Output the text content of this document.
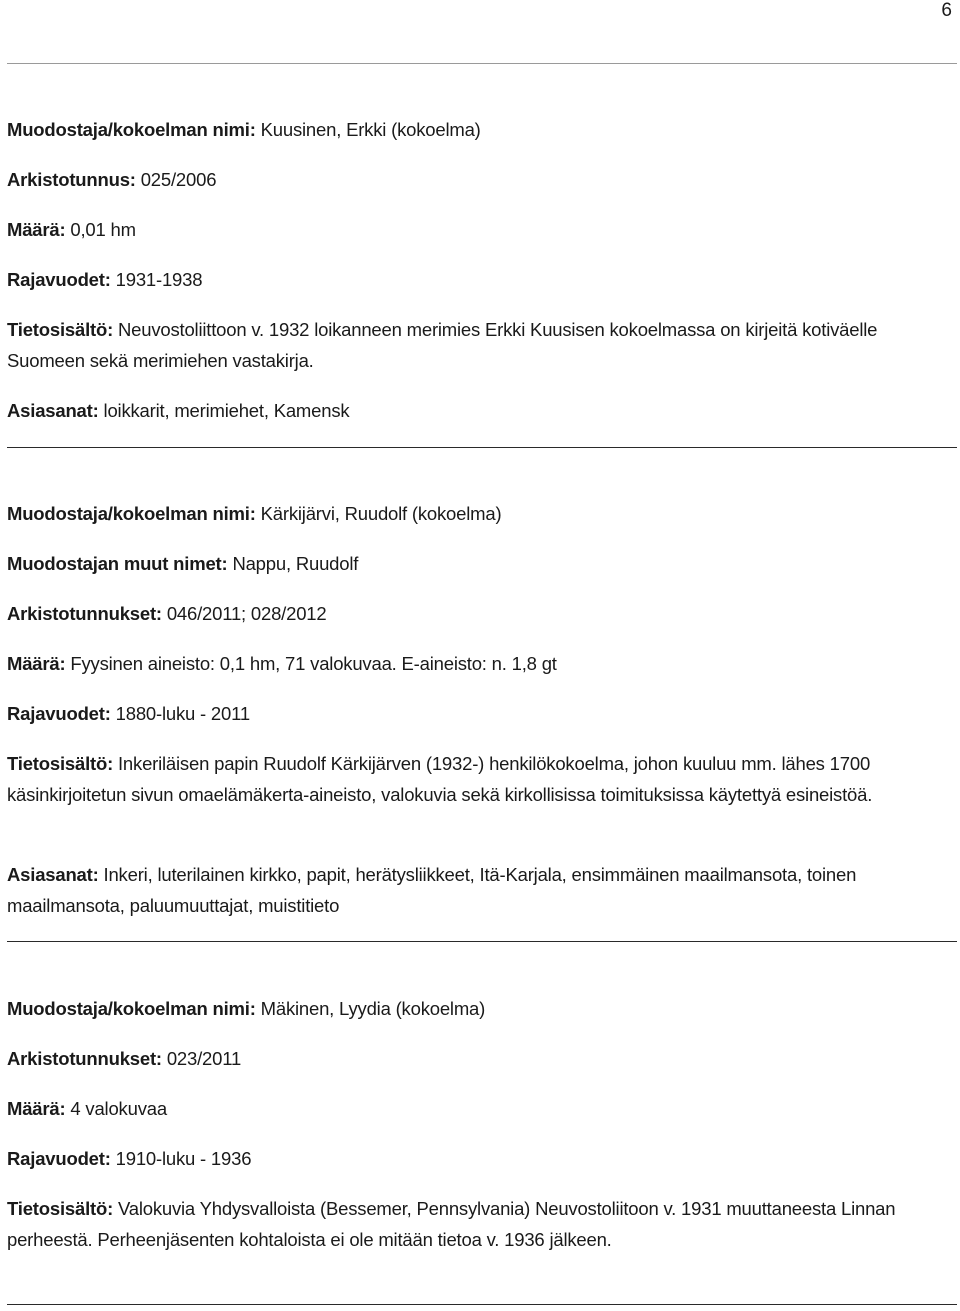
6
Muodostaja/kokoelman nimi: Kuusinen, Erkki (kokoelma)
Arkistotunnus: 025/2006
Määrä: 0,01 hm
Rajavuodet: 1931-1938
Tietosisältö: Neuvostoliittoon v. 1932 loikanneen merimies Erkki Kuusisen kokoelmassa on kirjeitä kotiväelle Suomeen sekä merimiehen vastakirja.
Asiasanat: loikkarit, merimiehet, Kamensk
Muodostaja/kokoelman nimi: Kärkijärvi, Ruudolf (kokoelma)
Muodostajan muut nimet: Nappu, Ruudolf
Arkistotunnukset: 046/2011; 028/2012
Määrä: Fyysinen aineisto: 0,1 hm, 71 valokuvaa. E-aineisto: n. 1,8 gt
Rajavuodet: 1880-luku - 2011
Tietosisältö: Inkeriläisen papin Ruudolf Kärkijärven (1932-) henkilökokoelma, johon kuuluu mm. lähes 1700 käsinkirjoitetun sivun omaelämäkerta-aineisto, valokuvia sekä kirkollisissa toimituksissa käytettyä esineistöä.
Asiasanat: Inkeri, luterilainen kirkko, papit, herätysliikkeet, Itä-Karjala, ensimmäinen maailmansota, toinen maailmansota, paluumuuttajat, muistitieto
Muodostaja/kokoelman nimi: Mäkinen, Lyydia (kokoelma)
Arkistotunnukset: 023/2011
Määrä: 4 valokuvaa
Rajavuodet: 1910-luku - 1936
Tietosisältö: Valokuvia Yhdysvalloista (Bessemer, Pennsylvania) Neuvostoliitoon v. 1931 muuttaneesta Linnan perheestä. Perheenjäsenten kohtaloista ei ole mitään tietoa v. 1936 jälkeen.
